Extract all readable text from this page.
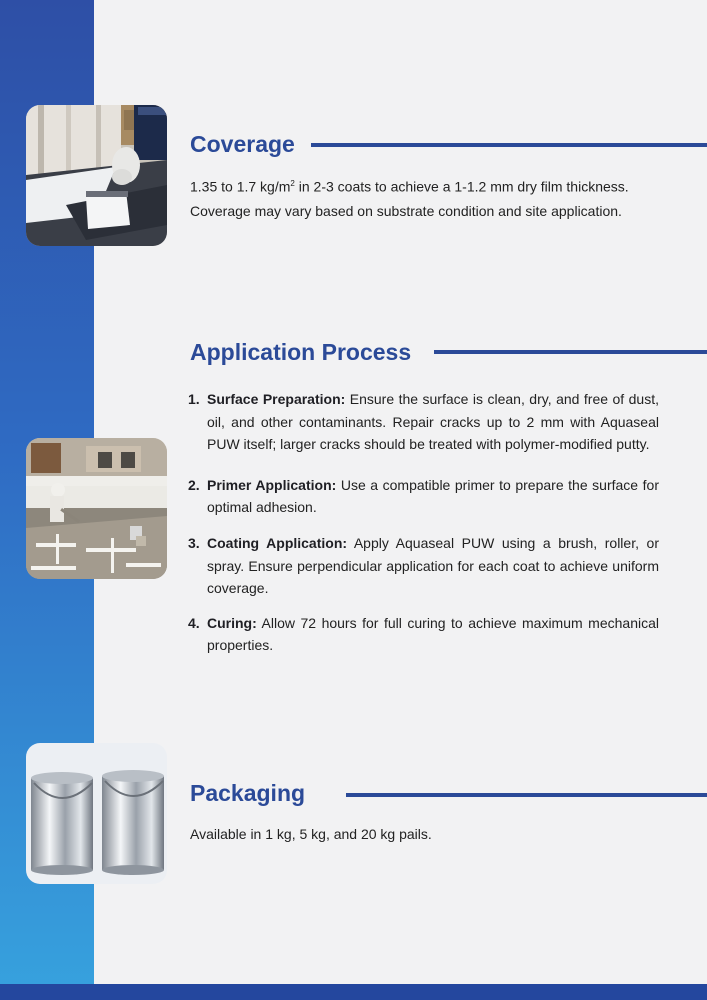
Coverage

1.35 to 1.7 $kg/m^2$ in 2-3 coats to achieve a 1-1.2 mm dry film thickness.

Coverage may vary based on substrate condition and site application.

Application Process
1. Surface Preparation: Ensure the surface is clean, dry, and free of dust, oil, and other contaminants. Repair cracks up to 2 mm with Aquaseal PUW itself; larger cracks should be treated with polymer-modified putty.
2. Primer Application: Use a compatible primer to prepare the surface for optimal adhesion.
3. Coating Application: Apply Aquaseal PUW using a brush, roller, or spray. Ensure perpendicular application for each coat to achieve uniform coverage.
4. Curing: Allow 72 hours for full curing to achieve maximum mechanical properties.
Packaging

Available in 1 kg, 5 kg, and 20 kg pails.
